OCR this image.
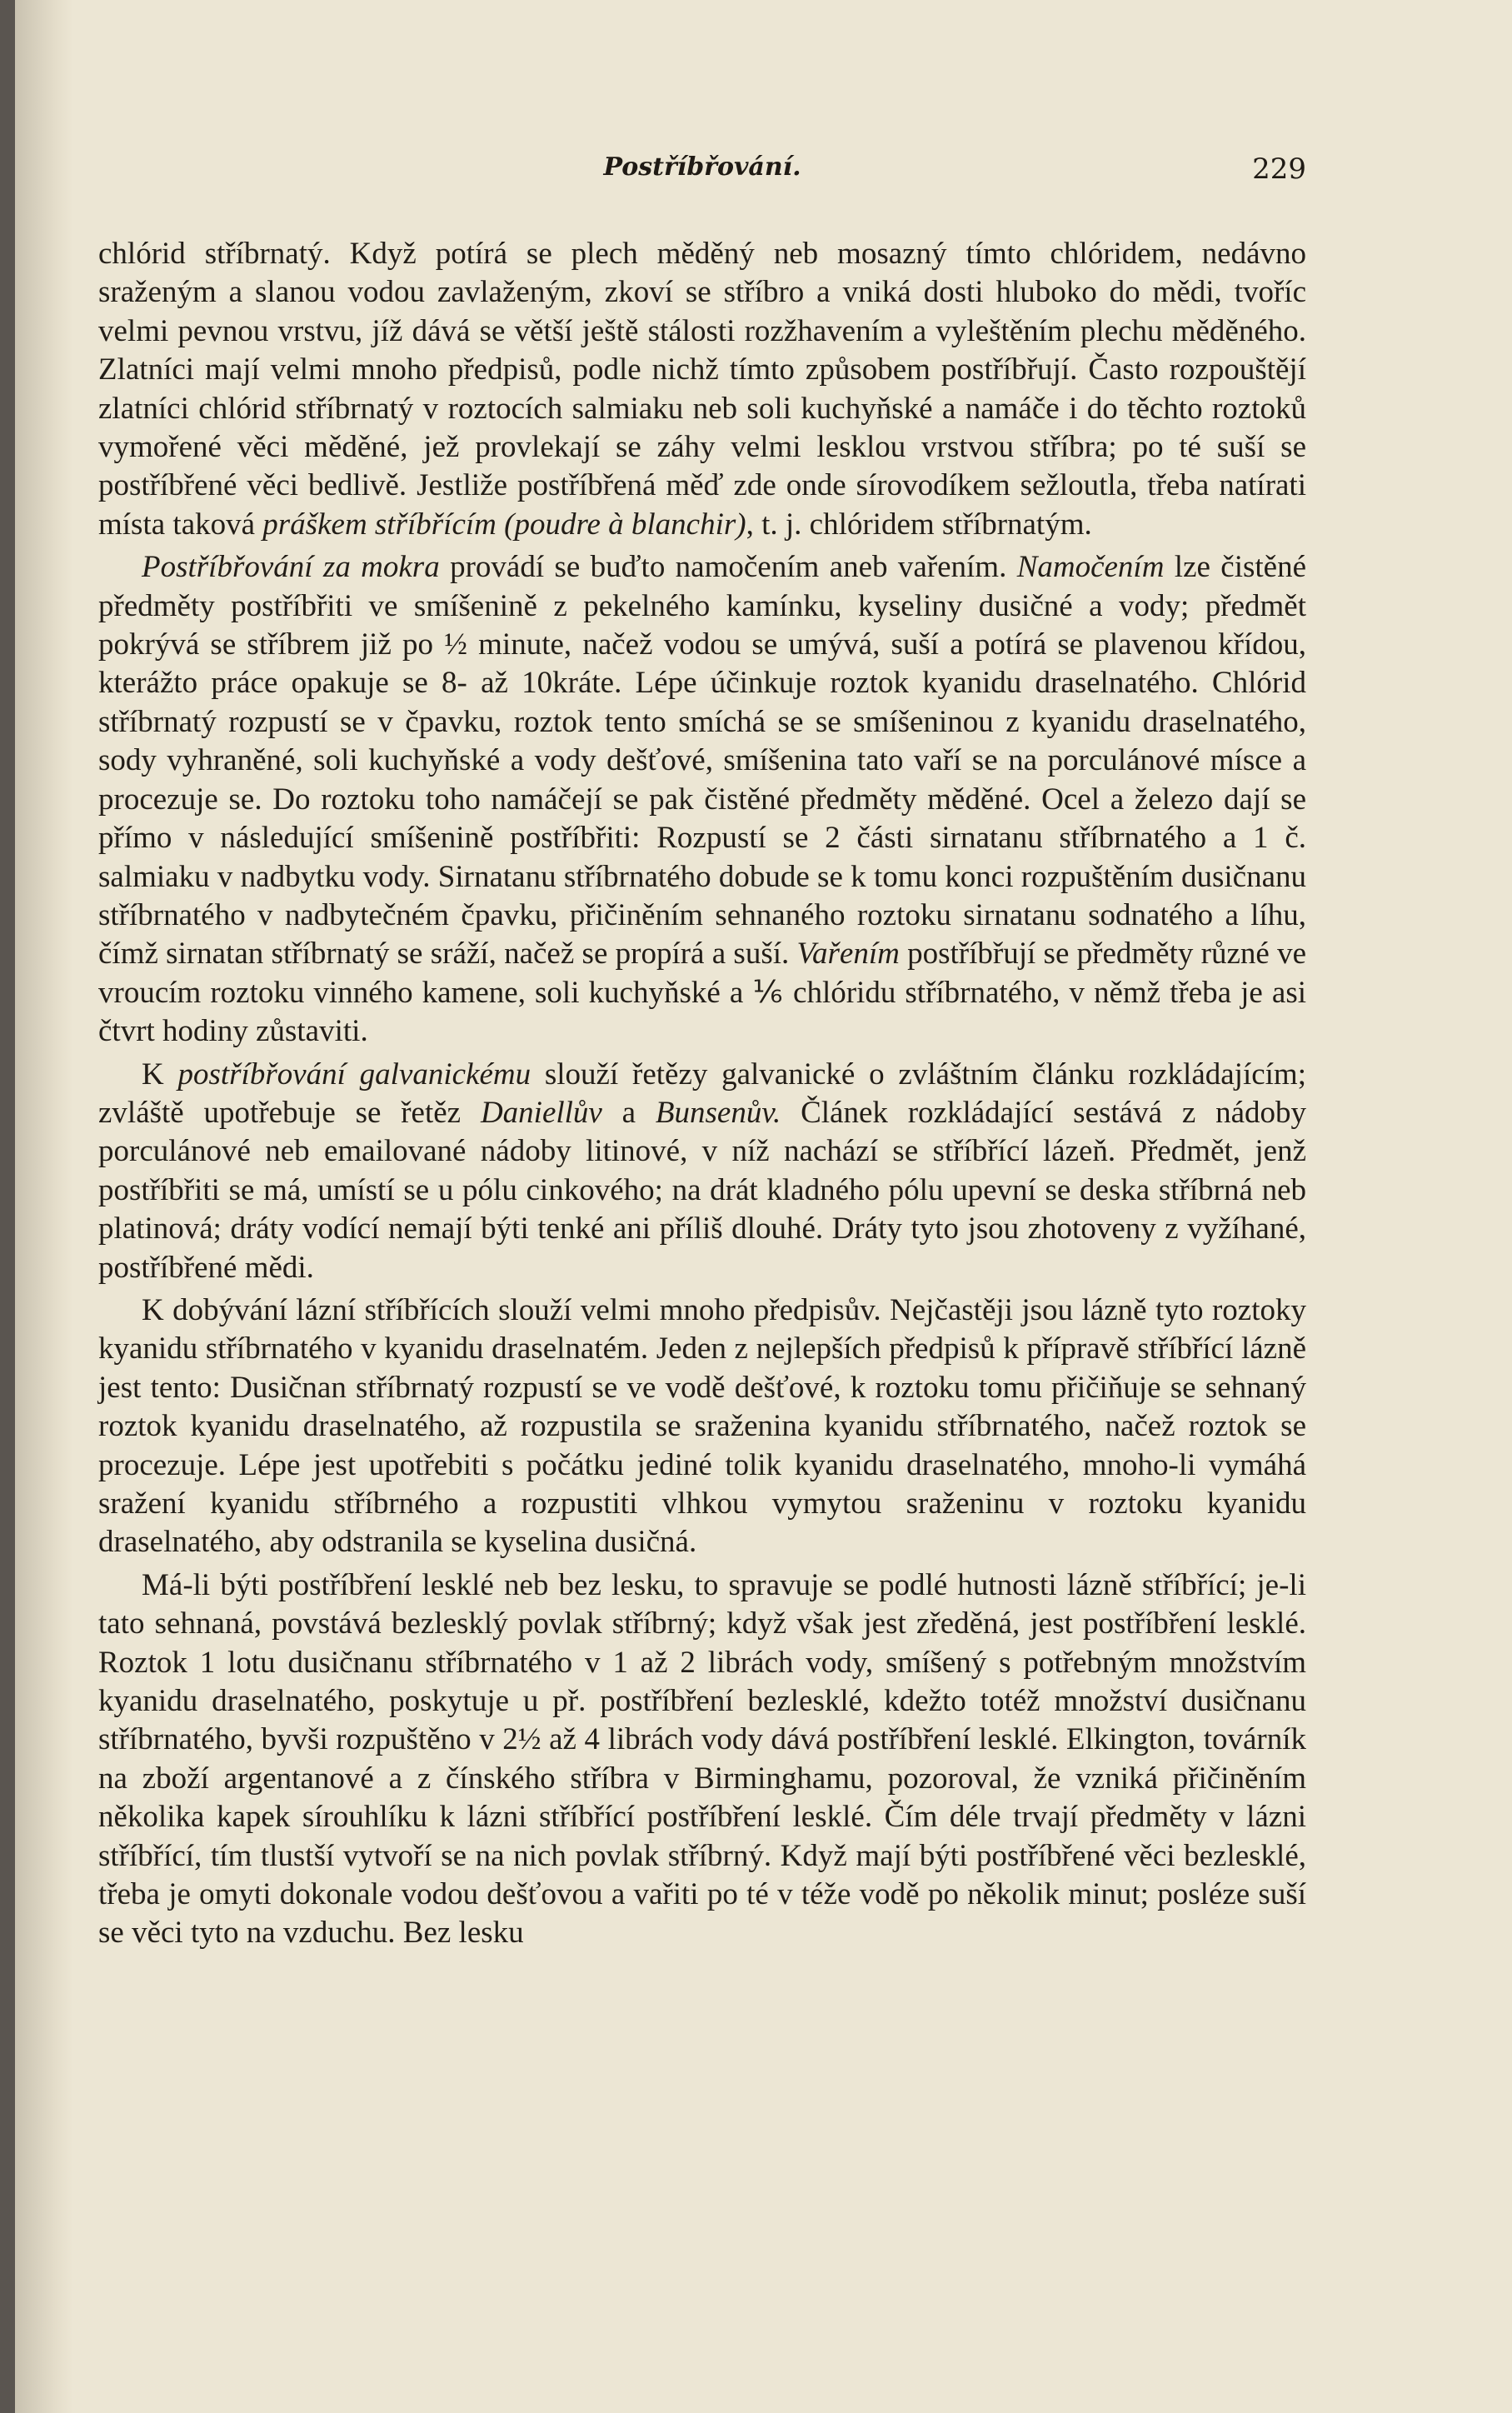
Postříbřování.	229

chlórid stříbrnatý. Když potírá se plech měděný neb mosazný tímto chlóridem, nedávno sraženým a slanou vodou zavlaženým, zkoví se stříbro a vniká dosti hluboko do mědi, tvoříc velmi pevnou vrstvu, jíž dává se větší ještě stálosti rozžhavením a vyleštěním plechu měděného. Zlatníci mají velmi mnoho předpisů, podle nichž tímto způsobem postříbřují. Často rozpouštějí zlatníci chlórid stříbrnatý v roztocích salmiaku neb soli kuchyňské a namáče i do těchto roztoků vymořené věci měděné, jež provlekají se záhy velmi lesklou vrstvou stříbra; po té suší se postříbřené věci bedlivě. Jestliže postříbřená měď zde onde sírovodíkem sežloutla, třeba natírati místa taková práškem stříbřícím (poudre à blanchir), t. j. chlóridem stříbrnatým.

Postříbřování za mokra provádí se buďto namočením aneb vařením. Namočením lze čistěné předměty postříbřiti ve smíšenině z pekelného kamínku, kyseliny dusičné a vody; předmět pokrývá se stříbrem již po ½ minute, načež vodou se umývá, suší a potírá se plavenou křídou, kterážto práce opakuje se 8- až 10kráte. Lépe účinkuje roztok kyanidu draselnatého. Chlórid stříbrnatý rozpustí se v čpavku, roztok tento smíchá se se smíšeninou z kyanidu draselnatého, sody vyhraněné, soli kuchyňské a vody dešťové, smíšenina tato vaří se na porculánové mísce a procezuje se. Do roztoku toho namáčejí se pak čistěné předměty měděné. Ocel a železo dají se přímo v následující smíšenině postříbřiti: Rozpustí se 2 části sirnatanu stříbrnatého a 1 č. salmiaku v nadbytku vody. Sirnatanu stříbrnatého dobude se k tomu konci rozpuštěním dusičnanu stříbrnatého v nadbytečném čpavku, přičiněním sehnaného roztoku sirnatanu sodnatého a líhu, čímž sirnatan stříbrnatý se sráží, načež se propírá a suší. Vařením postříbřují se předměty různé ve vroucím roztoku vinného kamene, soli kuchyňské a ⅙ chlóridu stříbrnatého, v němž třeba je asi čtvrt hodiny zůstaviti.

K postříbřování galvanickému slouží řetězy galvanické o zvláštním článku rozkládajícím; zvláště upotřebuje se řetěz Daniellův a Bunsenův. Článek rozkládající sestává z nádoby porculánové neb emailované nádoby litinové, v níž nachází se stříbřící lázeň. Předmět, jenž postříbřiti se má, umístí se u pólu cinkového; na drát kladného pólu upevní se deska stříbrná neb platinová; dráty vodící nemají býti tenké ani příliš dlouhé. Dráty tyto jsou zhotoveny z vyžíhané, postříbřené mědi.

K dobývání lázní stříbřících slouží velmi mnoho předpisův. Nejčastěji jsou lázně tyto roztoky kyanidu stříbrnatého v kyanidu draselnatém. Jeden z nejlepších předpisů k přípravě stříbřící lázně jest tento: Dusičnan stříbrnatý rozpustí se ve vodě dešťové, k roztoku tomu přičiňuje se sehnaný roztok kyanidu draselnatého, až rozpustila se sraženina kyanidu stříbrnatého, načež roztok se procezuje. Lépe jest upotřebiti s počátku jediné tolik kyanidu draselnatého, mnoho-li vymáhá sražení kyanidu stříbrného a rozpustiti vlhkou vymytou sraženinu v roztoku kyanidu draselnatého, aby odstranila se kyselina dusičná.

Má-li býti postříbření lesklé neb bez lesku, to spravuje se podlé hutnosti lázně stříbřící; je-li tato sehnaná, povstává bezlesklý povlak stříbrný; když však jest zředěná, jest postříbření lesklé. Roztok 1 lotu dusičnanu stříbrnatého v 1 až 2 librách vody, smíšený s potřebným množstvím kyanidu draselnatého, poskytuje u př. postříbření bezlesklé, kdežto totéž množství dusičnanu stříbrnatého, byvši rozpuštěno v 2½ až 4 librách vody dává postříbření lesklé. Elkington, továrník na zboží argentanové a z čínského stříbra v Birminghamu, pozoroval, že vzniká přičiněním několika kapek sírouhlíku k lázni stříbřící postříbření lesklé. Čím déle trvají předměty v lázni stříbřící, tím tlustší vytvoří se na nich povlak stříbrný. Když mají býti postříbřené věci bezlesklé, třeba je omyti dokonale vodou dešťovou a vařiti po té v téže vodě po několik minut; posléze suší se věci tyto na vzduchu. Bez lesku
